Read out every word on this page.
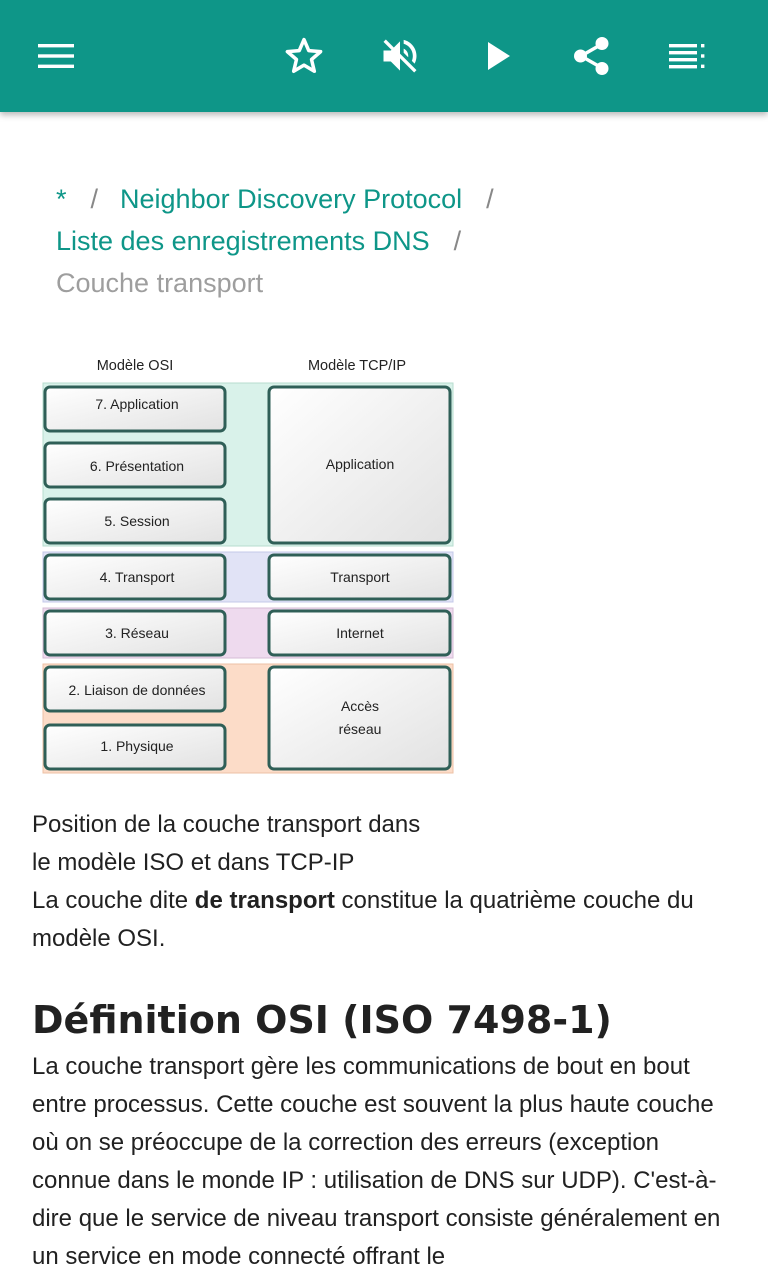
* / Neighbor Discovery Protocol /
Liste des enregistrements DNS /
Couche transport
Modèle OSI	Modèle TCP/IP
7. Application
6. Présentation
5. Session
4. Transport
3. Réseau
2. Liaison de données
1. Physique
Application
Transport
Internet
Accès
réseau
Position de la couche transport dans
le modèle ISO et dans TCP-IP
La couche dite de transport constitue la quatrième couche du modèle OSI.
Définition OSI (ISO 7498-1)

La couche transport gère les communications de bout en bout entre processus. Cette couche est souvent la plus haute couche où on se préoccupe de la correction des erreurs (exception connue dans le monde IP : utilisation de DNS sur UDP). C'est-à-dire que le service de niveau transport consiste généralement en un service en mode connecté offrant le
